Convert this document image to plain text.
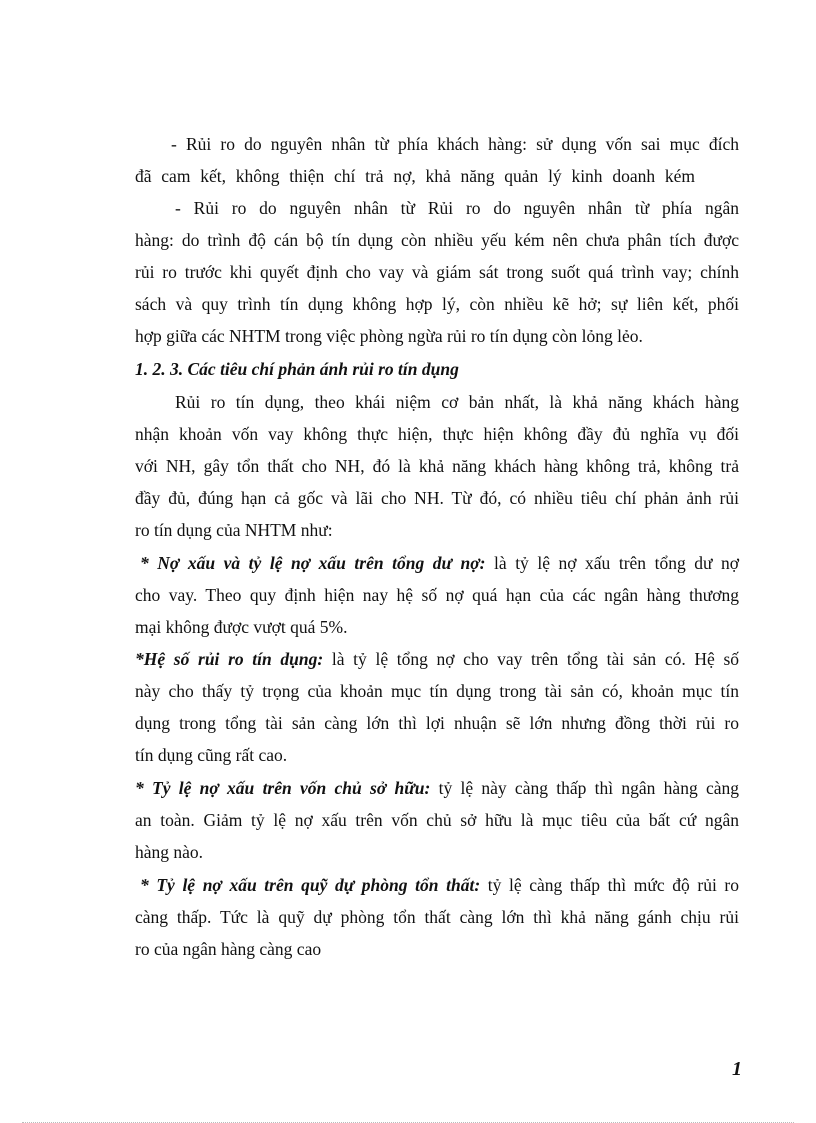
- Rủi ro do nguyên nhân từ phía khách hàng: sử dụng vốn sai mục đích
đã cam kết, không thiện chí trả nợ, khả năng quản lý kinh doanh kém
- Rủi ro do nguyên nhân từ Rủi ro do nguyên nhân từ phía ngân
hàng: do trình độ cán bộ tín dụng còn nhiều yếu kém nên chưa phân tích được
rủi ro trước khi quyết định cho vay và giám sát trong suốt quá trình vay; chính
sách và quy trình tín dụng không hợp lý, còn nhiều kẽ hở; sự liên kết, phối
hợp giữa các NHTM trong việc phòng ngừa rủi ro tín dụng còn lỏng lẻo.
1. 2. 3. Các tiêu chí phản ánh rủi ro tín dụng
Rủi ro tín dụng, theo khái niệm cơ bản nhất, là khả năng khách hàng
nhận khoản vốn vay không thực hiện, thực hiện không đầy đủ nghĩa vụ đối
với NH, gây tổn thất cho NH, đó là khả năng khách hàng không trả, không trả
đầy đủ, đúng hạn cả gốc và lãi cho NH. Từ đó, có nhiều tiêu chí phản ảnh rủi
ro tín dụng của NHTM như:
* Nợ xấu và tỷ lệ nợ xấu trên tổng dư nợ: là tỷ lệ nợ xấu trên tổng dư nợ
cho vay. Theo quy định hiện nay hệ số nợ quá hạn của các ngân hàng thương
mại không được vượt quá 5%.
*Hệ số rủi ro tín dụng: là tỷ lệ tổng nợ cho vay trên tổng tài sản có. Hệ số
này cho thấy tỷ trọng của khoản mục tín dụng trong tài sản có, khoản mục tín
dụng trong tổng tài sản càng lớn thì lợi nhuận sẽ lớn nhưng đồng thời rủi ro
tín dụng cũng rất cao.
* Tỷ lệ nợ xấu trên vốn chủ sở hữu: tỷ lệ này càng thấp thì ngân hàng càng
an toàn. Giảm tỷ lệ nợ xấu trên vốn chủ sở hữu là mục tiêu của bất cứ ngân
hàng nào.
* Tỷ lệ nợ xấu trên quỹ dự phòng tổn thất: tỷ lệ càng thấp thì mức độ rủi ro
càng thấp. Tức là quỹ dự phòng tổn thất càng lớn thì khả năng gánh chịu rủi
ro của ngân hàng càng cao
1
